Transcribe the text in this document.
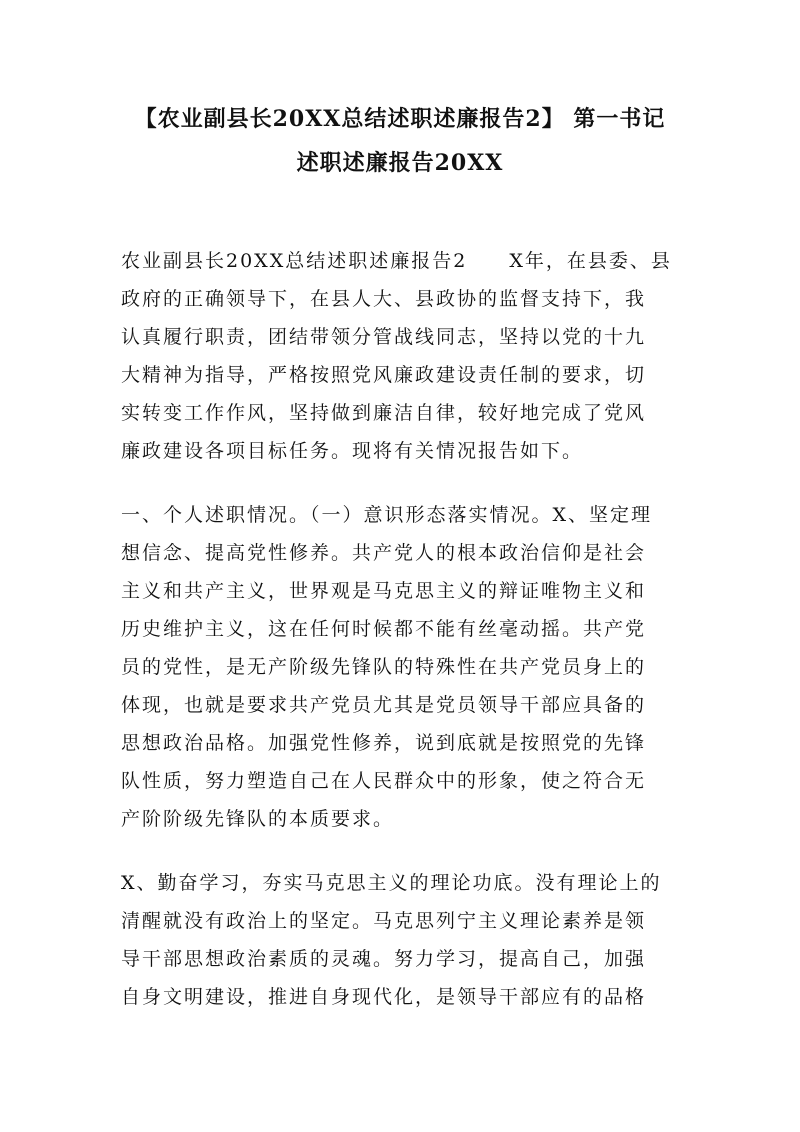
【农业副县长20XX总结述职述廉报告2】 第一书记
述职述廉报告20XX
农业副县长20XX总结述职述廉报告2　　X年，在县委、县
政府的正确领导下，在县人大、县政协的监督支持下，我
认真履行职责，团结带领分管战线同志，坚持以党的十九
大精神为指导，严格按照党风廉政建设责任制的要求，切
实转变工作作风，坚持做到廉洁自律，较好地完成了党风
廉政建设各项目标任务。现将有关情况报告如下。
一、个人述职情况。（一）意识形态落实情况。X、坚定理
想信念、提高党性修养。共产党人的根本政治信仰是社会
主义和共产主义，世界观是马克思主义的辩证唯物主义和
历史维护主义，这在任何时候都不能有丝毫动摇。共产党
员的党性，是无产阶级先锋队的特殊性在共产党员身上的
体现，也就是要求共产党员尤其是党员领导干部应具备的
思想政治品格。加强党性修养，说到底就是按照党的先锋
队性质，努力塑造自己在人民群众中的形象，使之符合无
产阶阶级先锋队的本质要求。
X、勤奋学习，夯实马克思主义的理论功底。没有理论上的
清醒就没有政治上的坚定。马克思列宁主义理论素养是领
导干部思想政治素质的灵魂。努力学习，提高自己，加强
自身文明建设，推进自身现代化，是领导干部应有的品格
